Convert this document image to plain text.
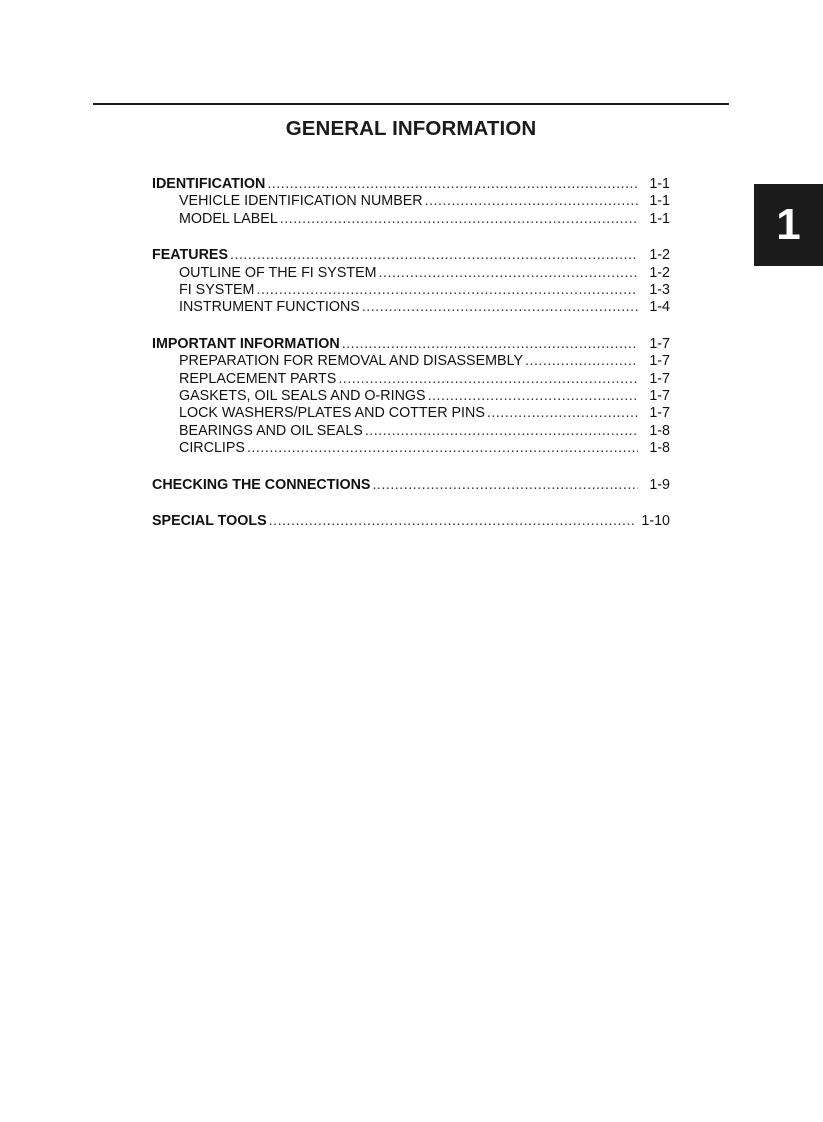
GENERAL INFORMATION
1
IDENTIFICATION .....	1-1
VEHICLE IDENTIFICATION NUMBER .....	1-1
MODEL LABEL .....	1-1
FEATURES .....	1-2
OUTLINE OF THE FI SYSTEM .....	1-2
FI SYSTEM .....	1-3
INSTRUMENT FUNCTIONS .....	1-4
IMPORTANT INFORMATION .....	1-7
PREPARATION FOR REMOVAL AND DISASSEMBLY .....	1-7
REPLACEMENT PARTS .....	1-7
GASKETS, OIL SEALS AND O-RINGS .....	1-7
LOCK WASHERS/PLATES AND COTTER PINS .....	1-7
BEARINGS AND OIL SEALS .....	1-8
CIRCLIPS .....	1-8
CHECKING THE CONNECTIONS .....	1-9
SPECIAL TOOLS .....	1-10
